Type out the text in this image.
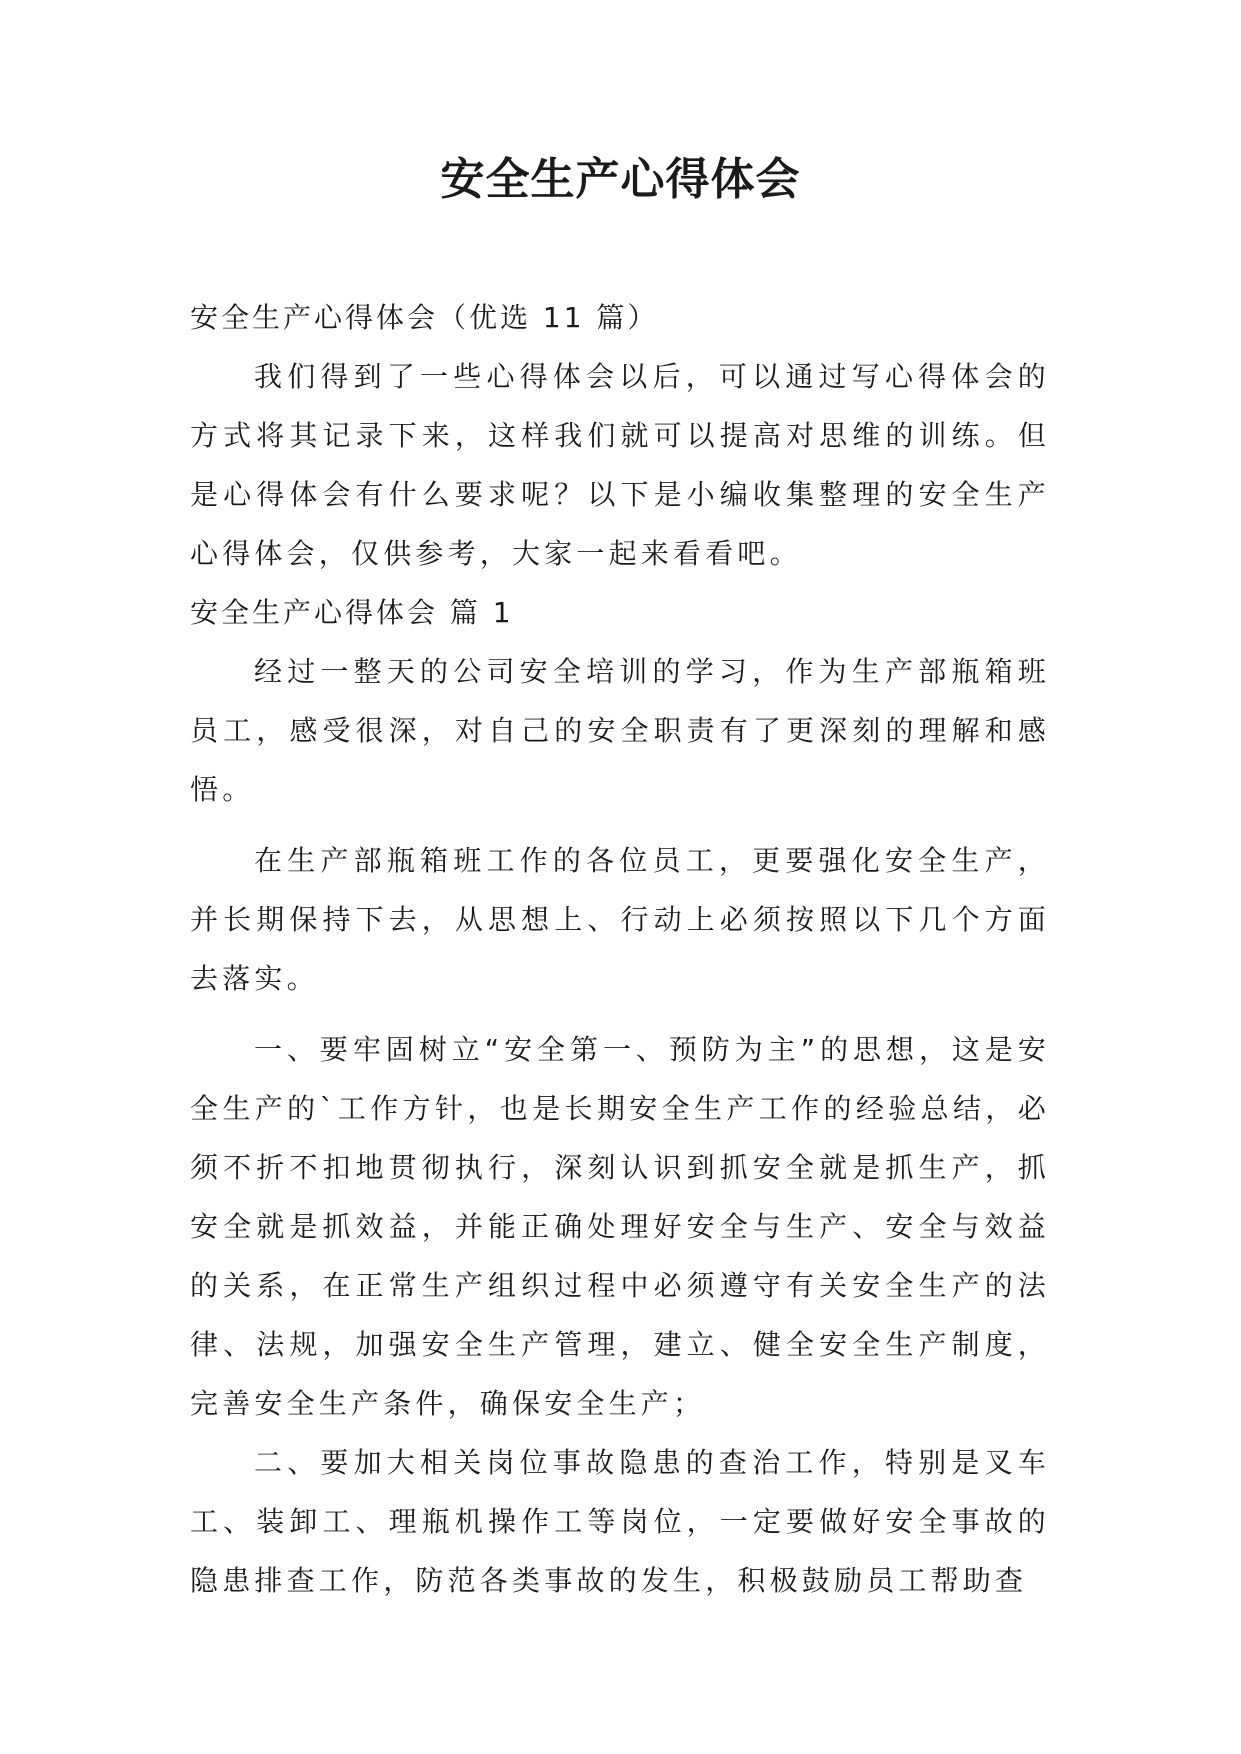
安全生产心得体会

安全生产心得体会（优选 11 篇）

我们得到了一些心得体会以后，可以通过写心得体会的方式将其记录下来，这样我们就可以提高对思维的训练。但是心得体会有什么要求呢？以下是小编收集整理的安全生产心得体会，仅供参考，大家一起来看看吧。

安全生产心得体会 篇 1

经过一整天的公司安全培训的学习，作为生产部瓶箱班员工，感受很深，对自己的安全职责有了更深刻的理解和感悟。

在生产部瓶箱班工作的各位员工，更要强化安全生产，并长期保持下去，从思想上、行动上必须按照以下几个方面去落实。

一、要牢固树立“安全第一、预防为主”的思想，这是安全生产的`工作方针，也是长期安全生产工作的经验总结，必须不折不扣地贯彻执行，深刻认识到抓安全就是抓生产，抓安全就是抓效益，并能正确处理好安全与生产、安全与效益的关系，在正常生产组织过程中必须遵守有关安全生产的法律、法规，加强安全生产管理，建立、健全安全生产制度，完善安全生产条件，确保安全生产；

二、要加大相关岗位事故隐患的查治工作，特别是叉车工、装卸工、理瓶机操作工等岗位，一定要做好安全事故的隐患排查工作，防范各类事故的发生，积极鼓励员工帮助查
